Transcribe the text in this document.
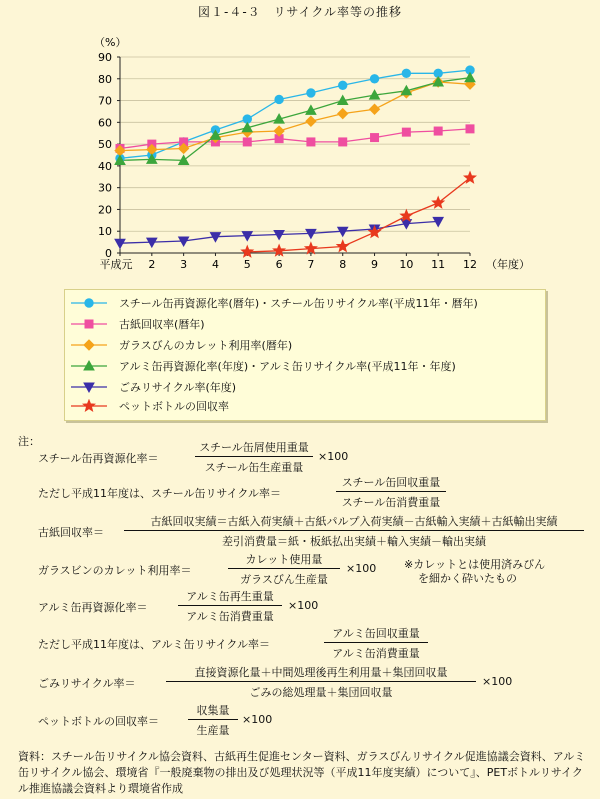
図１-４-３　リサイクル率等の推移
0
10
20
30
40
50
60
70
80
90
平成元 2 3 4 5 6 7 8 9 10 11 12
（%）
（年度）
スチール缶再資源化率(暦年)・スチール缶リサイクル率(平成11年・暦年)
古紙回収率(暦年)
ガラスびんのカレット利用率(暦年)
アルミ缶再資源化率(年度)・アルミ缶リサイクル率(平成11年・年度)
ごみリサイクル率(年度)
ペットボトルの回収率
注：
スチール缶再資源化率＝
スチール缶屑使用重量
スチール缶生産重量
×100
ただし平成11年度は、スチール缶リサイクル率＝
スチール缶回収重量
スチール缶消費重量
古紙回収率＝
古紙回収実績＝古紙入荷実績＋古紙パルプ入荷実績－古紙輸入実績＋古紙輸出実績
差引消費量＝紙・板紙払出実績＋輸入実績－輸出実績
ガラスビンのカレット利用率＝
カレット使用量
ガラスびん生産量
×100	※カレットとは使用済みびん
を細かく砕いたもの
アルミ缶再資源化率＝
アルミ缶再生重量
アルミ缶消費重量
×100
ただし平成11年度は、アルミ缶リサイクル率＝
アルミ缶回収重量
アルミ缶消費重量
ごみリサイクル率＝
直接資源化量＋中間処理後再生利用量＋集団回収量
ごみの総処理量＋集団回収量
×100
ペットボトルの回収率＝
収集量
生産量
×100
資料：スチール缶リサイクル協会資料、古紙再生促進センター資料、ガラスびんリサイクル促進協議会資料、アルミ缶リサイクル協会、環境省『一般廃棄物の排出及び処理状況等（平成11年度実績）について』、PETボトルリサイクル推進協議会資料より環境省作成
